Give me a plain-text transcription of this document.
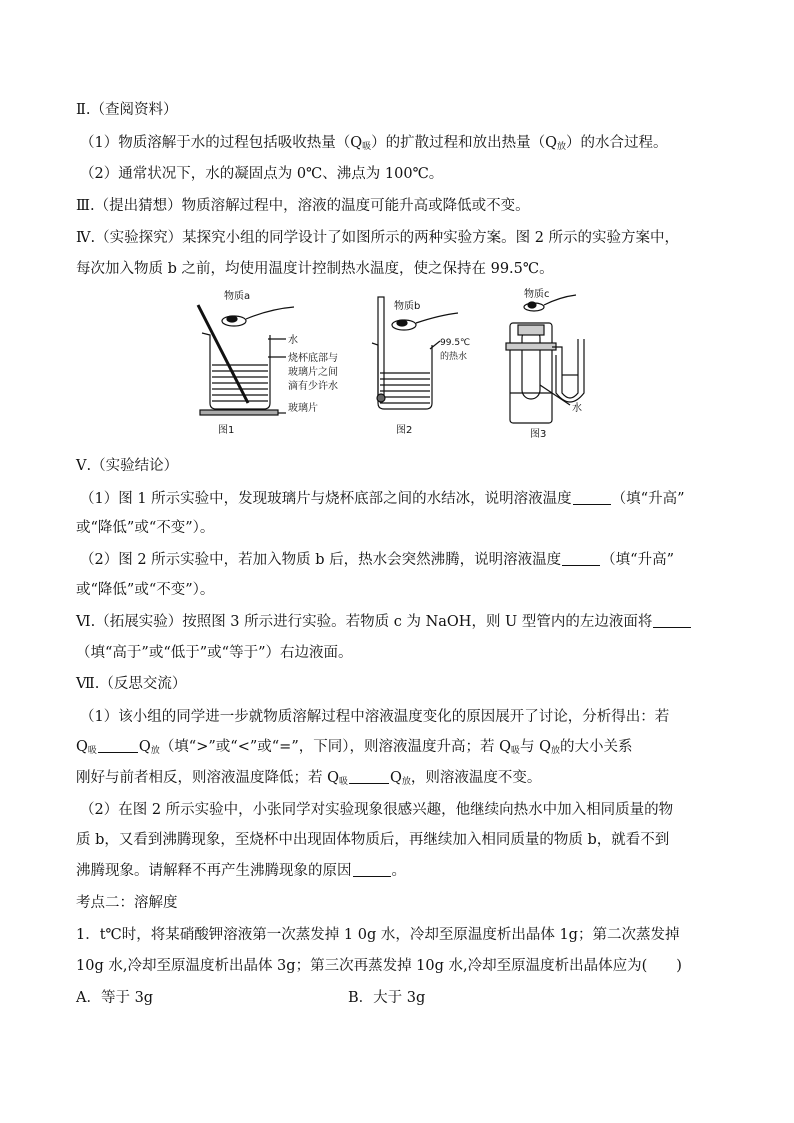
Ⅱ.（查阅资料）
（1）物质溶解于水的过程包括吸收热量$(Q_吸)$的扩散过程和放出热量$(Q_放)$的水合过程。
（2）通常状况下，水的凝固点为 0℃、沸点为 100℃。
Ⅲ.（提出猜想）物质溶解过程中，溶液的温度可能升高或降低或不变。
Ⅳ.（实验探究）某探究小组的同学设计了如图所示的两种实验方案。图 2 所示的实验方案中，
每次加入物质 b 之前，均使用温度计控制热水温度，使之保持在 99.5℃。
物质a
水
烧杯底部与
玻璃片之间
滴有少许水
玻璃片
图1
物质b
99.5℃
的热水
图2
物质c
水
图3
Ⅴ.（实验结论）
（1）图 1 所示实验中，发现玻璃片与烧杯底部之间的水结冰，说明溶液温度	（填“升高”
或“降低”或“不变”）。
（2）图 2 所示实验中，若加入物质 b 后，热水会突然沸腾，说明溶液温度	（填“升高”
或“降低”或“不变”）。
Ⅵ.（拓展实验）按照图 3 所示进行实验。若物质 c 为 NaOH，则 U 型管内的左边液面将
（填“高于”或“低于”或“等于”）右边液面。
Ⅶ.（反思交流）
（1）该小组的同学进一步就物质溶解过程中溶液温度变化的原因展开了讨论，分析得出：若
$Q_吸$	$Q_放$（填“>”或“<”或“=”，下同），则溶液温度升高；若 $Q_吸$与 $Q_放$的大小关系
刚好与前者相反，则溶液温度降低；若 $Q_吸$	$Q_放$，则溶液温度不变。
（2）在图 2 所示实验中，小张同学对实验现象很感兴趣，他继续向热水中加入相同质量的物
质 b，又看到沸腾现象，至烧杯中出现固体物质后，再继续加入相同质量的物质 b，就看不到
沸腾现象。请解释不再产生沸腾现象的原因	。
考点二：溶解度
1．t℃时，将某硝酸钾溶液第一次蒸发掉 1 0g 水，冷却至原温度析出晶体 1g；第二次蒸发掉
10g 水,冷却至原温度析出晶体 3g；第三次再蒸发掉 10g 水,冷却至原温度析出晶体应为(　　)
A．等于 3g	B．大于 3g
